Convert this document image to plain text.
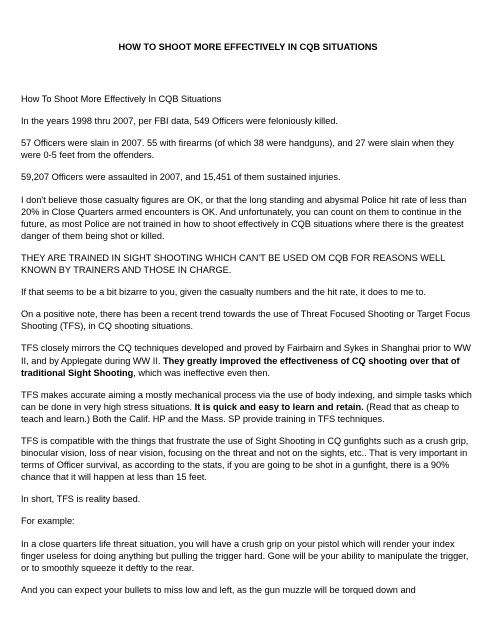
HOW TO SHOOT MORE EFFECTIVELY IN CQB SITUATIONS

How To Shoot More Effectively In CQB Situations

In the years 1998 thru 2007, per FBI data, 549 Officers were feloniously killed.

57 Officers were slain in 2007. 55 with firearms (of which 38 were handguns), and 27 were slain when they were 0-5 feet from the offenders.

59,207 Officers were assaulted in 2007, and 15,451 of them sustained injuries.

I don't believe those casualty figures are OK, or that the long standing and abysmal Police hit rate of less than 20% in Close Quarters armed encounters is OK. And unfortunately, you can count on them to continue in the future, as most Police are not trained in how to shoot effectively in CQB situations where there is the greatest danger of them being shot or killed.

THEY ARE TRAINED IN SIGHT SHOOTING WHICH CAN'T BE USED OM CQB FOR REASONS WELL KNOWN BY TRAINERS AND THOSE IN CHARGE.

If that seems to be a bit bizarre to you, given the casualty numbers and the hit rate, it does to me to.

On a positive note, there has been a recent trend towards the use of Threat Focused Shooting or Target Focus Shooting (TFS), in CQ shooting situations.

TFS closely mirrors the CQ techniques developed and proved by Fairbairn and Sykes in Shanghai prior to WW II, and by Applegate during WW II. They greatly improved the effectiveness of CQ shooting over that of traditional Sight Shooting, which was ineffective even then.

TFS makes accurate aiming a mostly mechanical process via the use of body indexing, and simple tasks which can be done in very high stress situations. It is quick and easy to learn and retain. (Read that as cheap to teach and learn.) Both the Calif. HP and the Mass. SP provide training in TFS techniques.

TFS is compatible with the things that frustrate the use of Sight Shooting in CQ gunfights such as a crush grip, binocular vision, loss of near vision, focusing on the threat and not on the sights, etc.. That is very important in terms of Officer survival, as according to the stats, if you are going to be shot in a gunfight, there is a 90% chance that it will happen at less than 15 feet.

In short, TFS is reality based.

For example:

In a close quarters life threat situation, you will have a crush grip on your pistol which will render your index finger useless for doing anything but pulling the trigger hard. Gone will be your ability to manipulate the trigger, or to smoothly squeeze it deftly to the rear.

And you can expect your bullets to miss low and left, as the gun muzzle will be torqued down and
